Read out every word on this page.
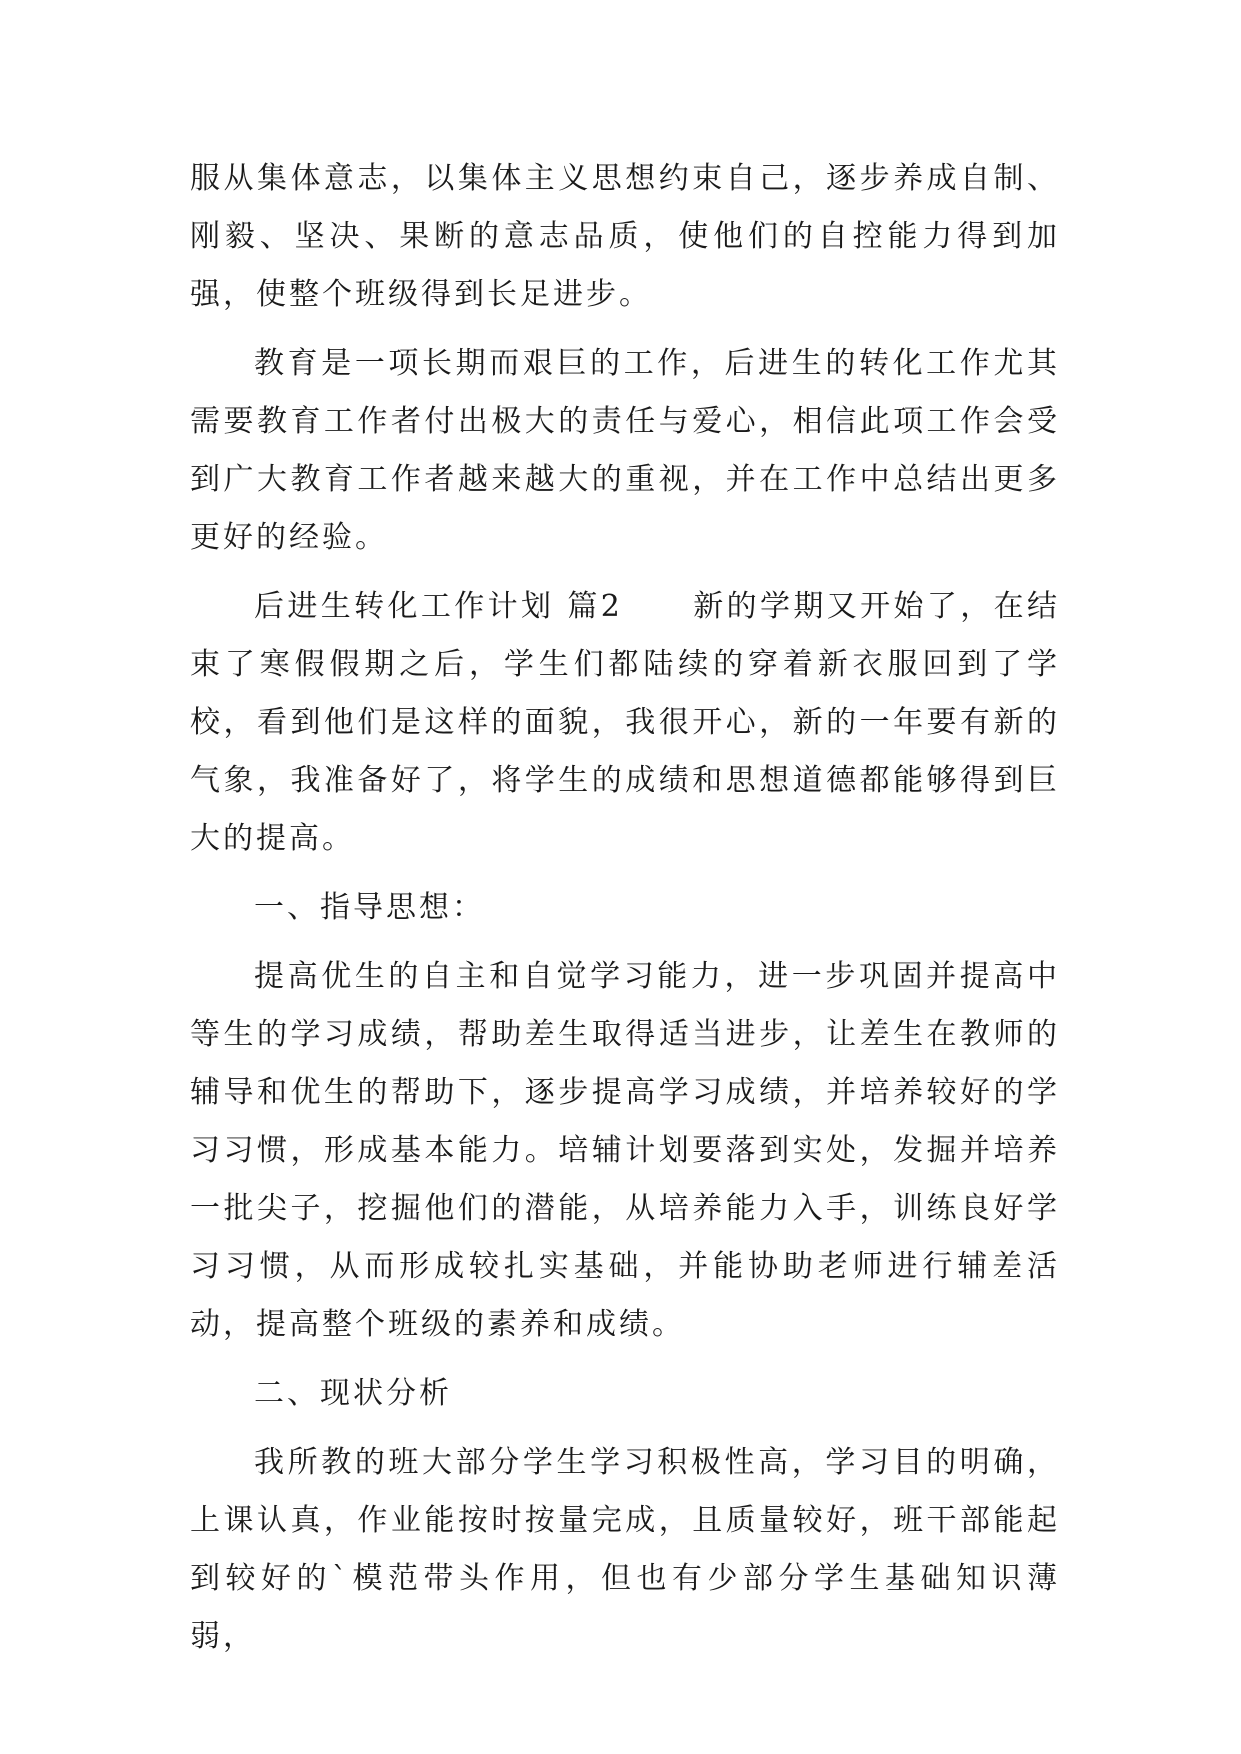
服从集体意志，以集体主义思想约束自己，逐步养成自制、刚毅、坚决、果断的意志品质，使他们的自控能力得到加强，使整个班级得到长足进步。

教育是一项长期而艰巨的工作，后进生的转化工作尤其需要教育工作者付出极大的责任与爱心，相信此项工作会受到广大教育工作者越来越大的重视，并在工作中总结出更多更好的经验。

后进生转化工作计划 篇2 新的学期又开始了，在结束了寒假假期之后，学生们都陆续的穿着新衣服回到了学校，看到他们是这样的面貌，我很开心，新的一年要有新的气象，我准备好了，将学生的成绩和思想道德都能够得到巨大的提高。

一、指导思想：

提高优生的自主和自觉学习能力，进一步巩固并提高中等生的学习成绩，帮助差生取得适当进步，让差生在教师的辅导和优生的帮助下，逐步提高学习成绩，并培养较好的学习习惯，形成基本能力。培辅计划要落到实处，发掘并培养一批尖子，挖掘他们的潜能，从培养能力入手，训练良好学习习惯，从而形成较扎实基础，并能协助老师进行辅差活动，提高整个班级的素养和成绩。

二、现状分析

我所教的班大部分学生学习积极性高，学习目的明确，上课认真，作业能按时按量完成，且质量较好，班干部能起到较好的`模范带头作用，但也有少部分学生基础知识薄弱，
